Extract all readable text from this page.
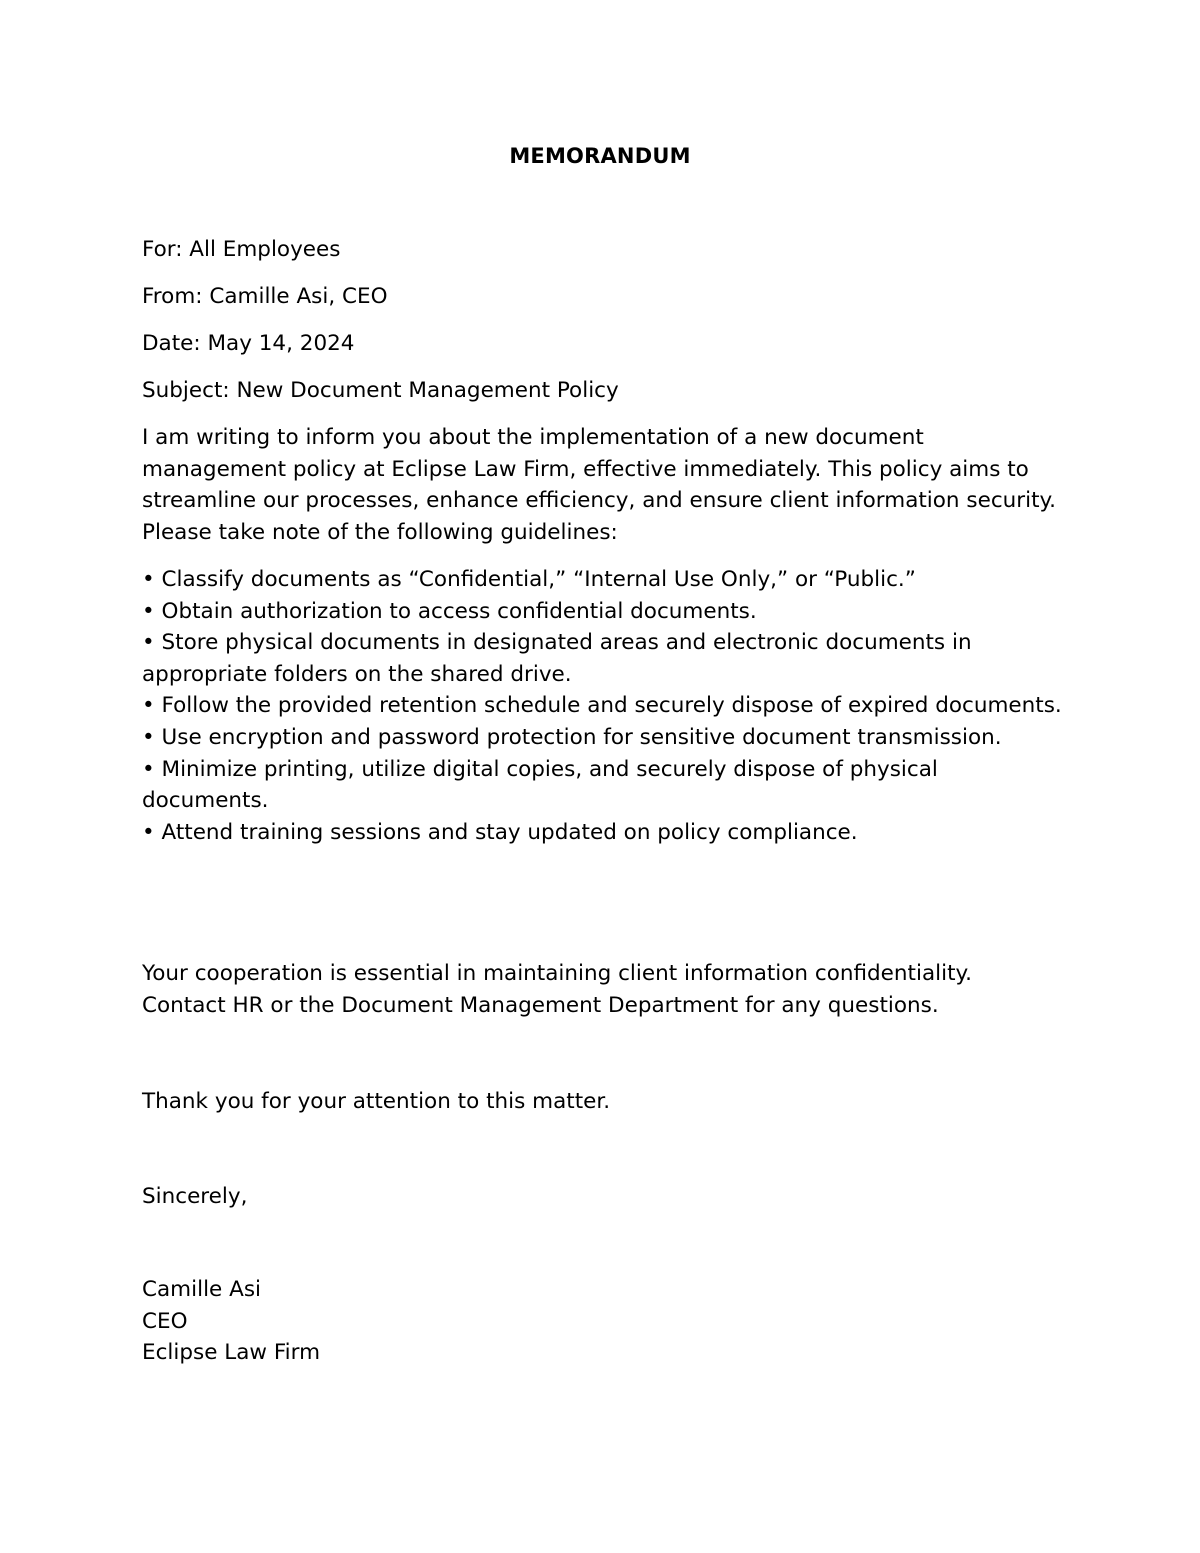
MEMORANDUM
For: All Employees
From: Camille Asi, CEO
Date: May 14, 2024
Subject: New Document Management Policy
I am writing to inform you about the implementation of a new document management policy at Eclipse Law Firm, effective immediately. This policy aims to streamline our processes, enhance efficiency, and ensure client information security. Please take note of the following guidelines:
• Classify documents as “Confidential,” “Internal Use Only,” or “Public.”
• Obtain authorization to access confidential documents.
• Store physical documents in designated areas and electronic documents in appropriate folders on the shared drive.
• Follow the provided retention schedule and securely dispose of expired documents.
• Use encryption and password protection for sensitive document transmission.
• Minimize printing, utilize digital copies, and securely dispose of physical documents.
• Attend training sessions and stay updated on policy compliance.
Your cooperation is essential in maintaining client information confidentiality. Contact HR or the Document Management Department for any questions.
Thank you for your attention to this matter.
Sincerely,
Camille Asi
CEO
Eclipse Law Firm
